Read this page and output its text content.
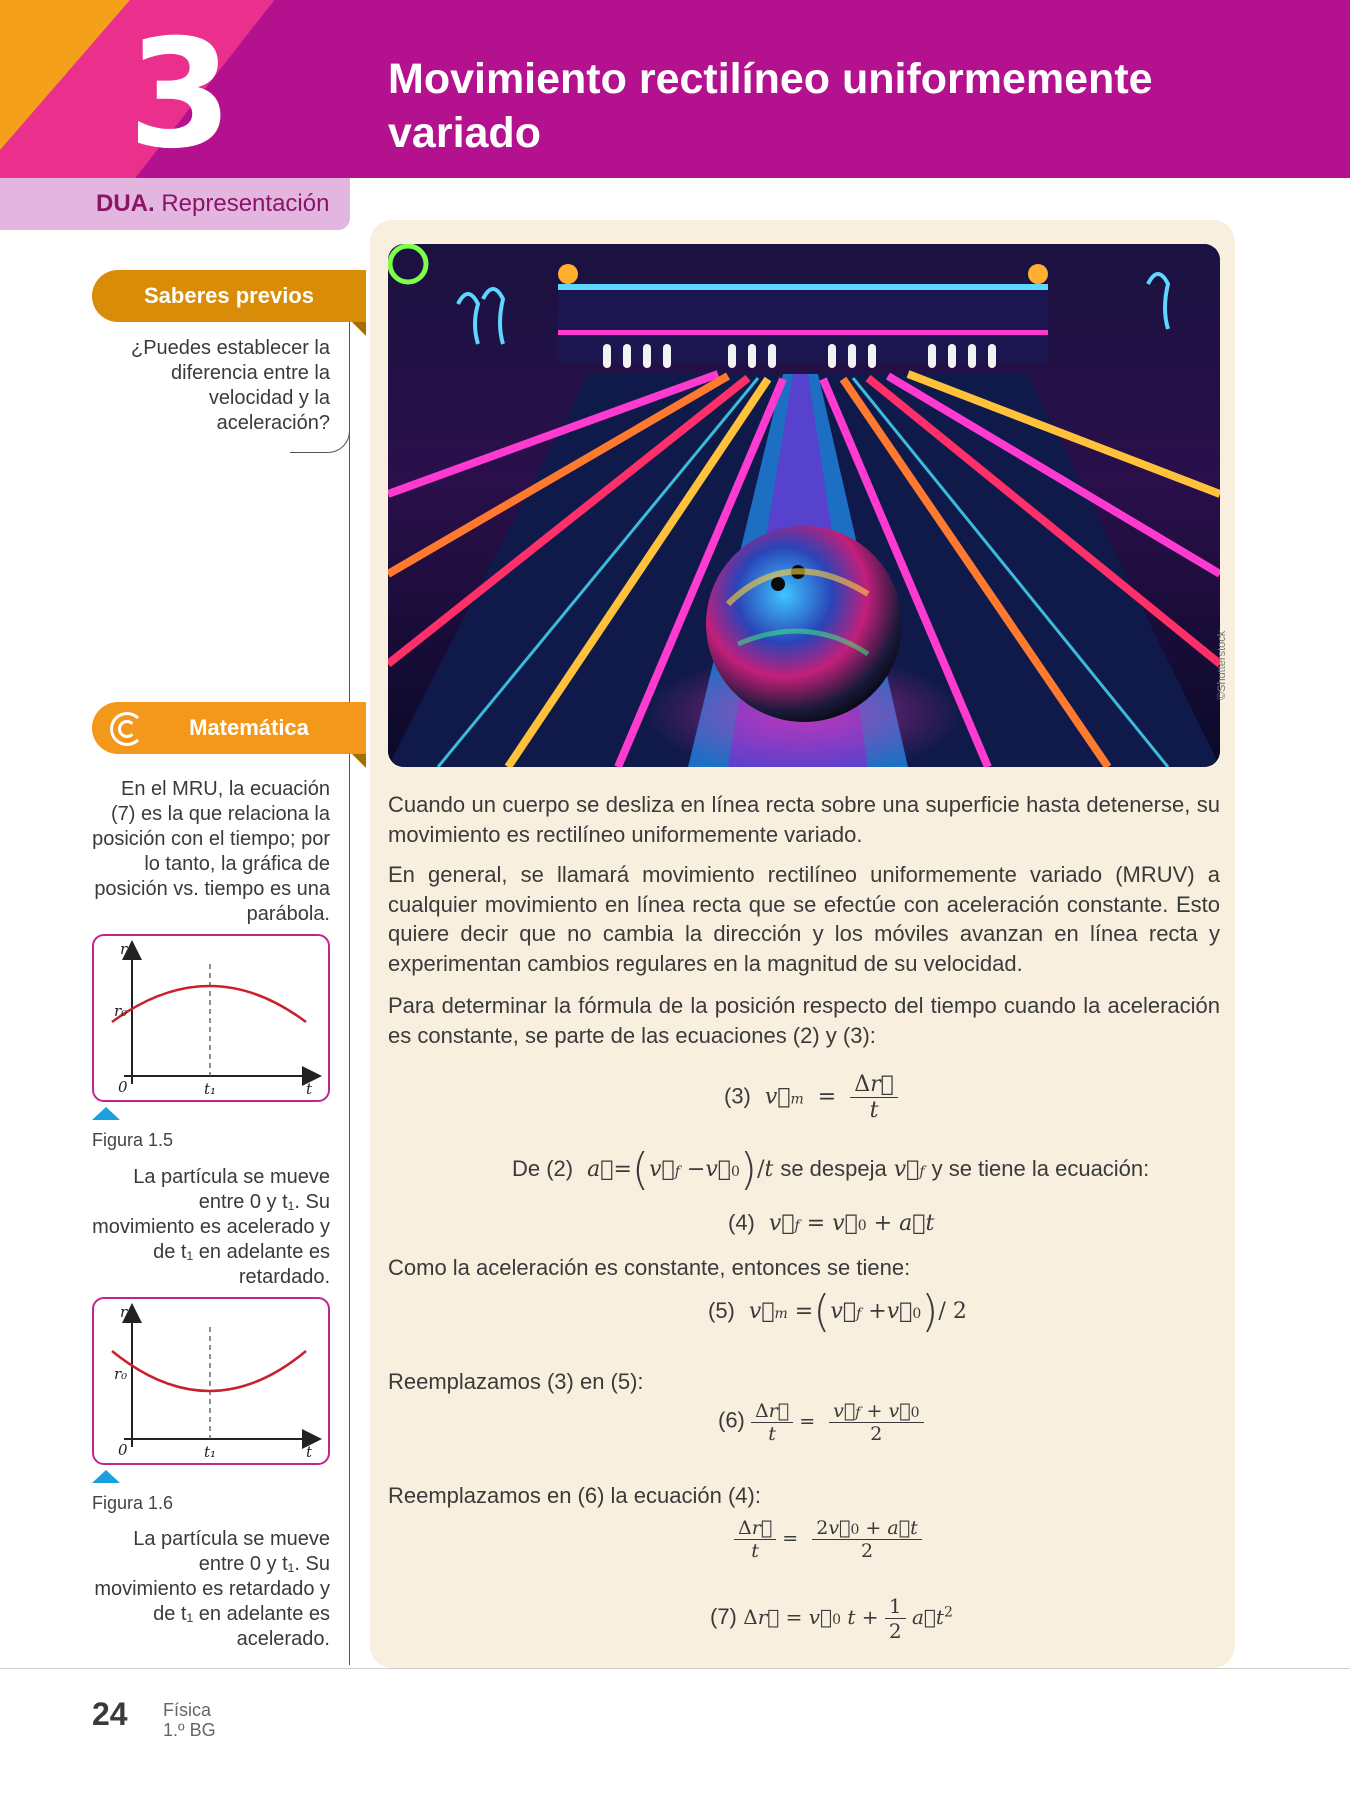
3	Movimiento rectilíneo uniformemente
variado
DUA. Representación
Saberes previos
¿Puedes establecer la diferencia entre la velocidad y la aceleración?
Matemática
En el MRU, la ecuación (7) es la que relaciona la posición con el tiempo; por lo tanto, la gráfica de posición vs. tiempo es una parábola.
r
r₀
0	t₁	t
Figura 1.5
La partícula se mueve entre 0 y t₁. Su movimiento es acelerado y de t₁ en adelante es retardado.
r
r₀
0	t₁	t
Figura 1.6
La partícula se mueve entre 0 y t₁. Su movimiento es retardado y de t₁ en adelante es acelerado.
©Shutterstock
Cuando un cuerpo se desliza en línea recta sobre una superficie hasta detenerse, su movimiento es rectilíneo uniformemente variado.
En general, se llamará movimiento rectilíneo uniformemente variado (MRUV) a cualquier movimiento en línea recta que se efectúe con aceleración constante. Esto quiere decir que no cambia la dirección y los móviles avanzan en línea recta y experimentan cambios regulares en la magnitud de su velocidad.
Para determinar la fórmula de la posición respecto del tiempo cuando la aceleración es constante, se parte de las ecuaciones (2) y (3):
(3) v⃗m  = $\frac{\Delta r⃗}{t}$
De (2) a⃗=(v⃗f −v⃗0)/t se despeja v⃗f y se tiene la ecuación:
(4) v⃗f = v⃗0 + a⃗t
Como la aceleración es constante, entonces se tiene:
(5) v⃗m =(v⃗f +v⃗0)/ 2
Reemplazamos (3) en (5):
$(6) \frac{\Delta r⃗}{t} = \frac{v⃗f + v⃗0}{2}$
Reemplazamos en (6) la ecuación (4):
$\frac{\Delta r⃗}{t} = \frac{2v⃗0 + a⃗t}{2}$
(7) Δr⃗ = v⃗0 $t + \frac{1}{2}$ $a⃗t^2$
24 Física
1.º BG
